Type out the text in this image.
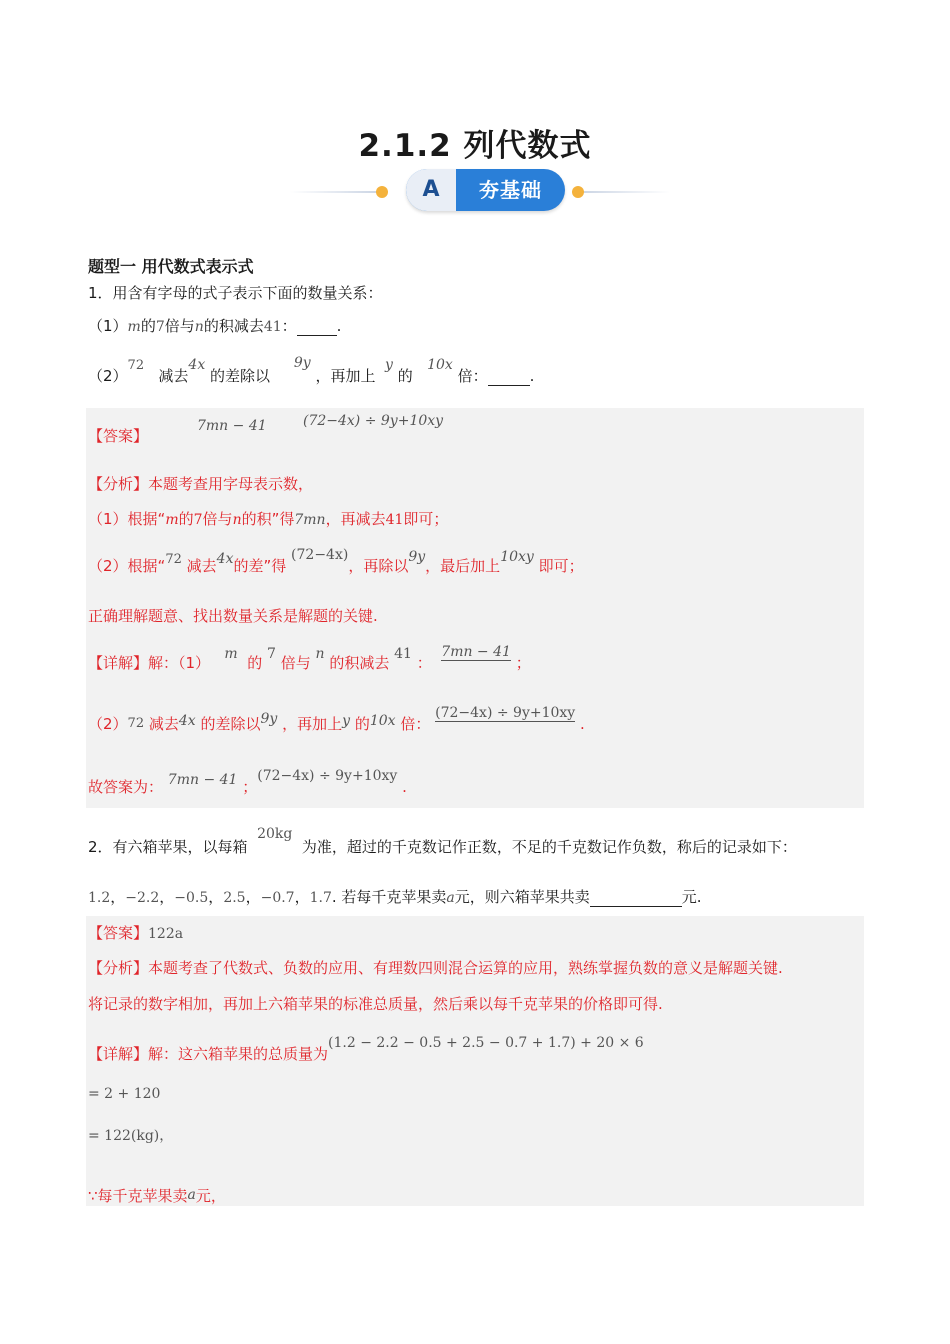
2.1.2 列代数式
A	夯基础
题型一 用代数式表示式
1．用含有字母的式子表示下面的数量关系：
（1）m的7倍与n的积减去41：	.
（2）72   减去4x 的差除以     9y ，再加上  y 的   10x 倍：	.
【答案】
7mn − 41	(72−4x) ÷ 9y+10xy
【分析】本题考查用字母表示数，
（1）根据“m的7倍与n的积”得7mn，再减去41即可；
（2）根据“72 减去4x的差”得 (72−4x)，再除以9y，最后加上10xy 即可；
正确理解题意、找出数量关系是解题的关键.
【详解】解：（1） m 的 7 倍与 n 的积减去 41 ：  7mn − 41 ；
（2）72 减去4x 的差除以9y ，再加上y 的10x 倍： (72−4x) ÷ 9y+10xy .
故答案为： 7mn − 41 ；(72−4x) ÷ 9y+10xy .
2．有六箱苹果，以每箱  20kg  为准，超过的千克数记作正数，不足的千克数记作负数，称后的记录如下：
1.2，−2.2，−0.5，2.5，−0.7，1.7. 若每千克苹果卖a元，则六箱苹果共卖	元.
【答案】122a
【分析】本题考查了代数式、负数的应用、有理数四则混合运算的应用，熟练掌握负数的意义是解题关键.
将记录的数字相加，再加上六箱苹果的标准总质量，然后乘以每千克苹果的价格即可得.
【详解】解：这六箱苹果的总质量为(1.2 − 2.2 − 0.5 + 2.5 − 0.7 + 1.7) + 20 × 6
= 2 + 120
= 122(kg)，
∵每千克苹果卖a元，
